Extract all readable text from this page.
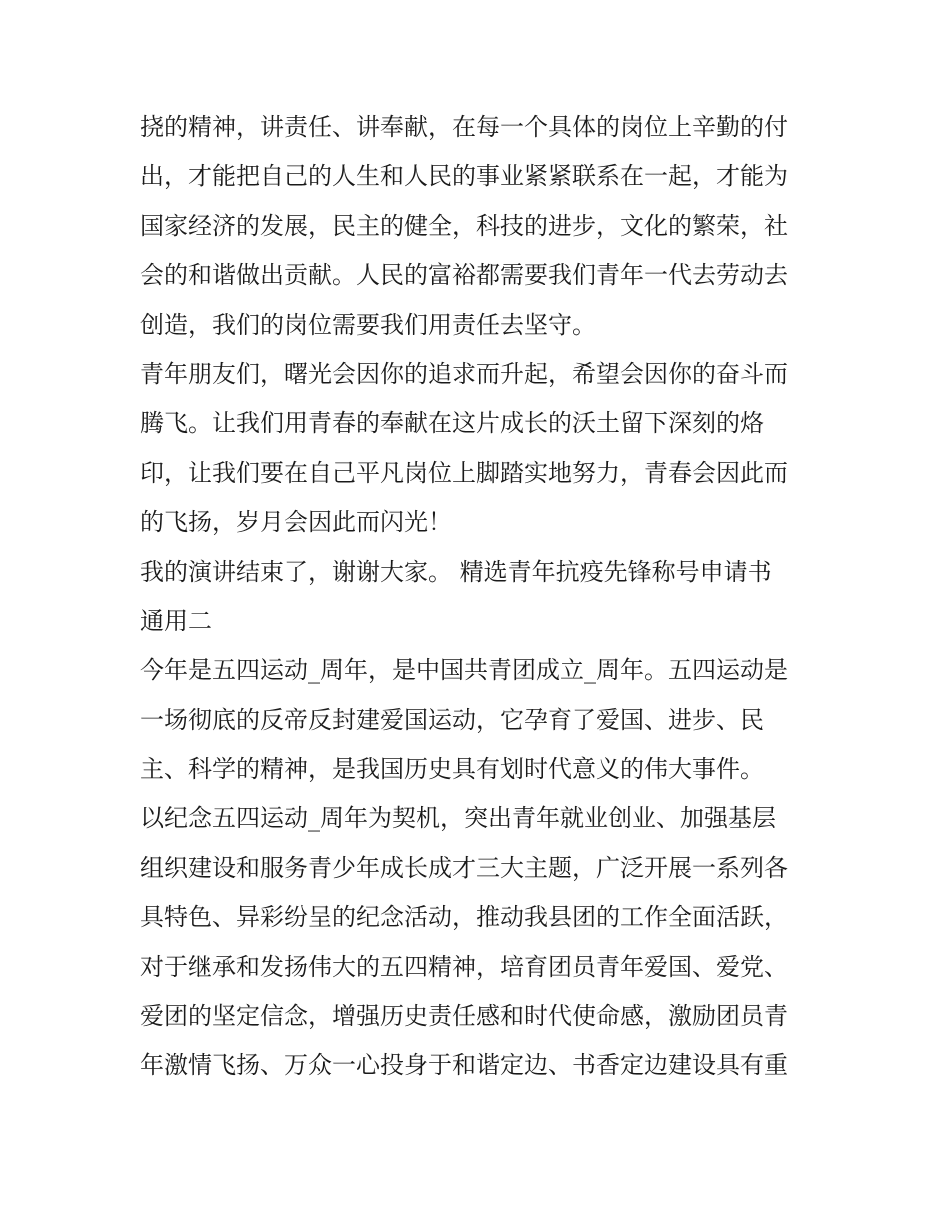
挠的精神，讲责任、讲奉献，在每一个具体的岗位上辛勤的付
出，才能把自己的人生和人民的事业紧紧联系在一起，才能为
国家经济的发展，民主的健全，科技的进步，文化的繁荣，社
会的和谐做出贡献。人民的富裕都需要我们青年一代去劳动去
创造，我们的岗位需要我们用责任去坚守。
青年朋友们，曙光会因你的追求而升起，希望会因你的奋斗而
腾飞。让我们用青春的奉献在这片成长的沃土留下深刻的烙
印，让我们要在自己平凡岗位上脚踏实地努力，青春会因此而
的飞扬，岁月会因此而闪光！
我的演讲结束了，谢谢大家。 精选青年抗疫先锋称号申请书
通用二
今年是五四运动_周年，是中国共青团成立_周年。五四运动是
一场彻底的反帝反封建爱国运动，它孕育了爱国、进步、民
主、科学的精神，是我国历史具有划时代意义的伟大事件。
以纪念五四运动_周年为契机，突出青年就业创业、加强基层
组织建设和服务青少年成长成才三大主题，广泛开展一系列各
具特色、异彩纷呈的纪念活动，推动我县团的工作全面活跃，
对于继承和发扬伟大的五四精神，培育团员青年爱国、爱党、
爱团的坚定信念，增强历史责任感和时代使命感，激励团员青
年激情飞扬、万众一心投身于和谐定边、书香定边建设具有重
